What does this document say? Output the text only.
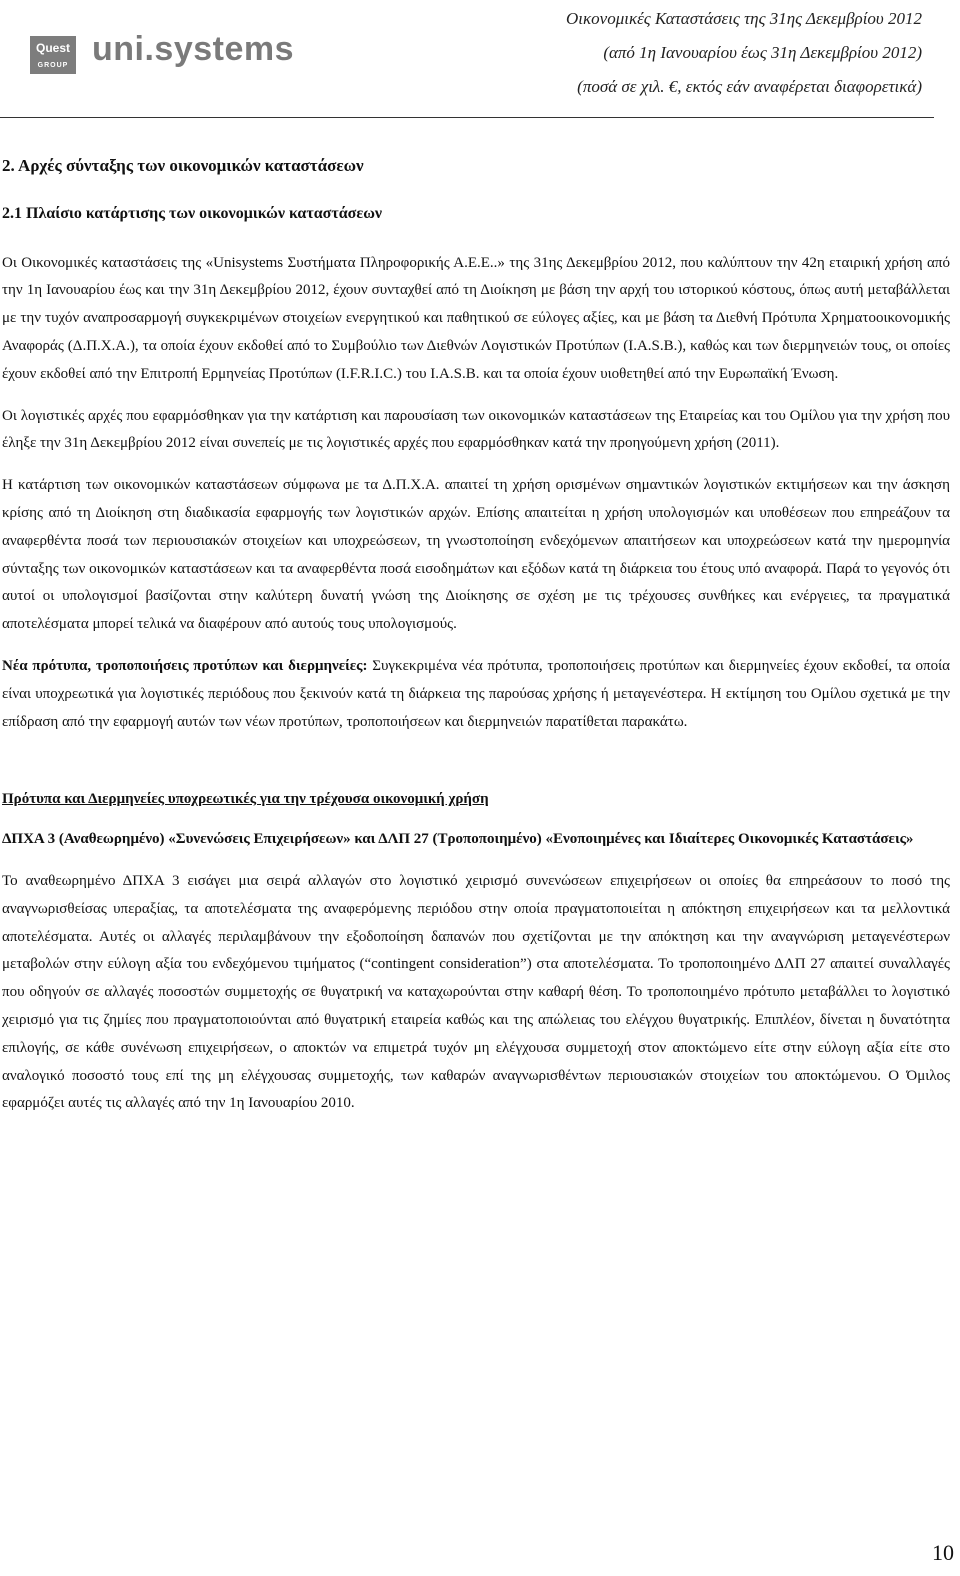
Quest
GROUP uni.systems
Οικονομικές Καταστάσεις της 31ης Δεκεμβρίου 2012
(από 1η Ιανουαρίου έως 31η Δεκεμβρίου 2012)
(ποσά σε χιλ. €, εκτός εάν αναφέρεται διαφορετικά)
2. Αρχές σύνταξης των οικονομικών καταστάσεων
2.1 Πλαίσιο κατάρτισης των οικονομικών καταστάσεων

Οι Οικονομικές καταστάσεις της «Unisystems Συστήματα Πληροφορικής Α.Ε.Ε..» της 31ης Δεκεμβρίου 2012, που καλύπτουν την 42η εταιρική χρήση από την 1η Ιανουαρίου έως και την 31η Δεκεμβρίου 2012, έχουν συνταχθεί από τη Διοίκηση με βάση την αρχή του ιστορικού κόστους, όπως αυτή μεταβάλλεται με την τυχόν αναπροσαρμογή συγκεκριμένων στοιχείων ενεργητικού και παθητικού σε εύλογες αξίες, και με βάση τα Διεθνή Πρότυπα Χρηματοοικονομικής Αναφοράς (Δ.Π.Χ.Α.), τα οποία έχουν εκδοθεί από το Συμβούλιο των Διεθνών Λογιστικών Προτύπων (I.A.S.B.), καθώς και των διερμηνειών τους, οι οποίες έχουν εκδοθεί από την Επιτροπή Ερμηνείας Προτύπων (I.F.R.I.C.) του I.A.S.B. και τα οποία έχουν υιοθετηθεί από την Ευρωπαϊκή Ένωση.

Οι λογιστικές αρχές που εφαρμόσθηκαν για την κατάρτιση και παρουσίαση των οικονομικών καταστάσεων της Εταιρείας και του Ομίλου για την χρήση που έληξε την 31η Δεκεμβρίου 2012 είναι συνεπείς με τις λογιστικές αρχές που εφαρμόσθηκαν κατά την προηγούμενη χρήση (2011).

Η κατάρτιση των οικονομικών καταστάσεων σύμφωνα με τα Δ.Π.Χ.Α. απαιτεί τη χρήση ορισμένων σημαντικών λογιστικών εκτιμήσεων και την άσκηση κρίσης από τη Διοίκηση στη διαδικασία εφαρμογής των λογιστικών αρχών. Επίσης απαιτείται η χρήση υπολογισμών και υποθέσεων που επηρεάζουν τα αναφερθέντα ποσά των περιουσιακών στοιχείων και υποχρεώσεων, τη γνωστοποίηση ενδεχόμενων απαιτήσεων και υποχρεώσεων κατά την ημερομηνία σύνταξης των οικονομικών καταστάσεων και τα αναφερθέντα ποσά εισοδημάτων και εξόδων κατά τη διάρκεια του έτους υπό αναφορά. Παρά το γεγονός ότι αυτοί οι υπολογισμοί βασίζονται στην καλύτερη δυνατή γνώση της Διοίκησης σε σχέση με τις τρέχουσες συνθήκες και ενέργειες, τα πραγματικά αποτελέσματα μπορεί τελικά να διαφέρουν από αυτούς τους υπολογισμούς.

Νέα πρότυπα, τροποποιήσεις προτύπων και διερμηνείες: Συγκεκριμένα νέα πρότυπα, τροποποιήσεις προτύπων και διερμηνείες έχουν εκδοθεί, τα οποία είναι υποχρεωτικά για λογιστικές περιόδους που ξεκινούν κατά τη διάρκεια της παρούσας χρήσης ή μεταγενέστερα. Η εκτίμηση του Ομίλου σχετικά με την επίδραση από την εφαρμογή αυτών των νέων προτύπων, τροποποιήσεων και διερμηνειών παρατίθεται παρακάτω.

Πρότυπα και Διερμηνείες υποχρεωτικές για την τρέχουσα οικονομική χρήση
ΔΠΧΑ 3 (Αναθεωρημένο) «Συνενώσεις Επιχειρήσεων» και ΔΛΠ 27 (Τροποποιημένο) «Ενοποιημένες και Ιδιαίτερες Οικονομικές Καταστάσεις»

Το αναθεωρημένο ΔΠΧΑ 3 εισάγει μια σειρά αλλαγών στο λογιστικό χειρισμό συνενώσεων επιχειρήσεων οι οποίες θα επηρεάσουν το ποσό της αναγνωρισθείσας υπεραξίας, τα αποτελέσματα της αναφερόμενης περιόδου στην οποία πραγματοποιείται η απόκτηση επιχειρήσεων και τα μελλοντικά αποτελέσματα. Αυτές οι αλλαγές περιλαμβάνουν την εξοδοποίηση δαπανών που σχετίζονται με την απόκτηση και την αναγνώριση μεταγενέστερων μεταβολών στην εύλογη αξία του ενδεχόμενου τιμήματος (“contingent consideration”) στα αποτελέσματα. Το τροποποιημένο ΔΛΠ 27 απαιτεί συναλλαγές που οδηγούν σε αλλαγές ποσοστών συμμετοχής σε θυγατρική να καταχωρούνται στην καθαρή θέση. Το τροποποιημένο πρότυπο μεταβάλλει το λογιστικό χειρισμό για τις ζημίες που πραγματοποιούνται από θυγατρική εταιρεία καθώς και της απώλειας του ελέγχου θυγατρικής. Επιπλέον, δίνεται η δυνατότητα επιλογής, σε κάθε συνένωση επιχειρήσεων, ο αποκτών να επιμετρά τυχόν μη ελέγχουσα συμμετοχή στον αποκτώμενο είτε στην εύλογη αξία είτε στο αναλογικό ποσοστό τους επί της μη ελέγχουσας συμμετοχής, των καθαρών αναγνωρισθέντων περιουσιακών στοιχείων του αποκτώμενου. Ο Όμιλος εφαρμόζει αυτές τις αλλαγές από την 1η Ιανουαρίου 2010.

10
